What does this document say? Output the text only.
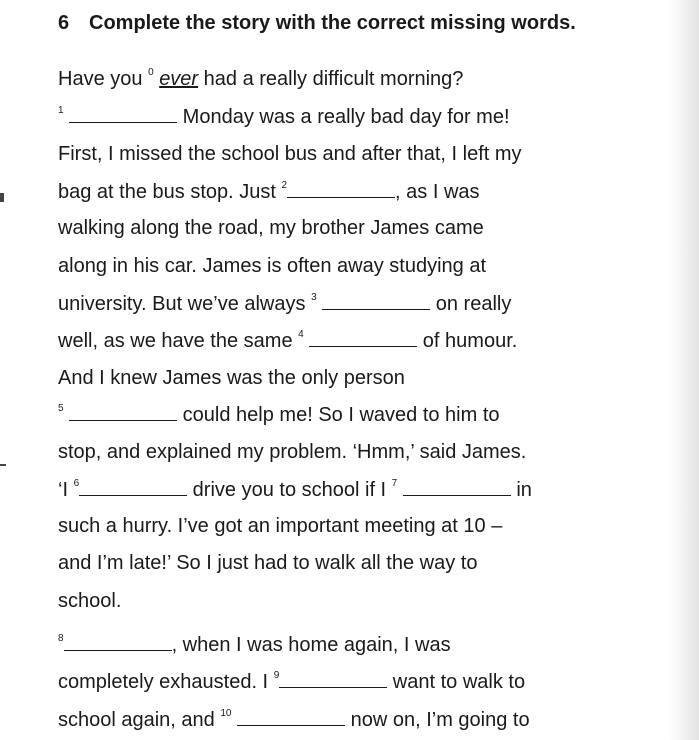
6 Complete the story with the correct missing words.
Have you $^0$ ever had a really difficult morning?
$^1$	Monday was a really bad day for me!
First, I missed the school bus and after that, I left my
bag at the bus stop. Just $^2$	, as I was
walking along the road, my brother James came
along in his car. James is often away studying at
university. But we’ve always $^3$	on really
well, as we have the same $^4$	of humour.
And I knew James was the only person
$^5$	could help me! So I waved to him to
stop, and explained my problem. ‘Hmm,’ said James.
‘I $^6$	drive you to school if I $^7$	in
such a hurry. I’ve got an important meeting at 10 –
and I’m late!’ So I just had to walk all the way to
school.
$^8$	, when I was home again, I was
completely exhausted. I $^9$	want to walk to
school again, and $^{10}$	now on, I’m going to
